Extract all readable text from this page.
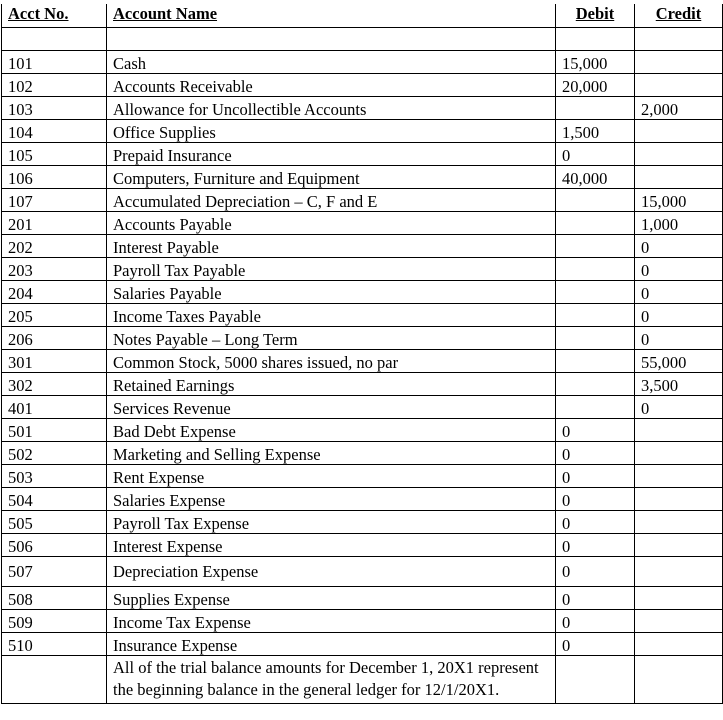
Acct No.	Account Name	Debit	Credit

101	Cash	15,000	
102	Accounts Receivable	20,000	
103	Allowance for Uncollectible Accounts		2,000
104	Office Supplies	1,500	
105	Prepaid Insurance	0	
106	Computers, Furniture and Equipment	40,000	
107	Accumulated Depreciation – C, F and E		15,000
201	Accounts Payable		1,000
202	Interest Payable		0
203	Payroll Tax Payable		0
204	Salaries Payable		0
205	Income Taxes Payable		0
206	Notes Payable – Long Term		0
301	Common Stock, 5000 shares issued, no par		55,000
302	Retained Earnings		3,500
401	Services Revenue		0
501	Bad Debt Expense	0	
502	Marketing and Selling Expense	0	
503	Rent Expense	0	
504	Salaries Expense	0	
505	Payroll Tax Expense	0	
506	Interest Expense	0	
507	Depreciation Expense	0	
508	Supplies Expense	0	
509	Income Tax Expense	0	
510	Insurance Expense	0	
	All of the trial balance amounts for December 1, 20X1 represent the beginning balance in the general ledger for 12/1/20X1.		
